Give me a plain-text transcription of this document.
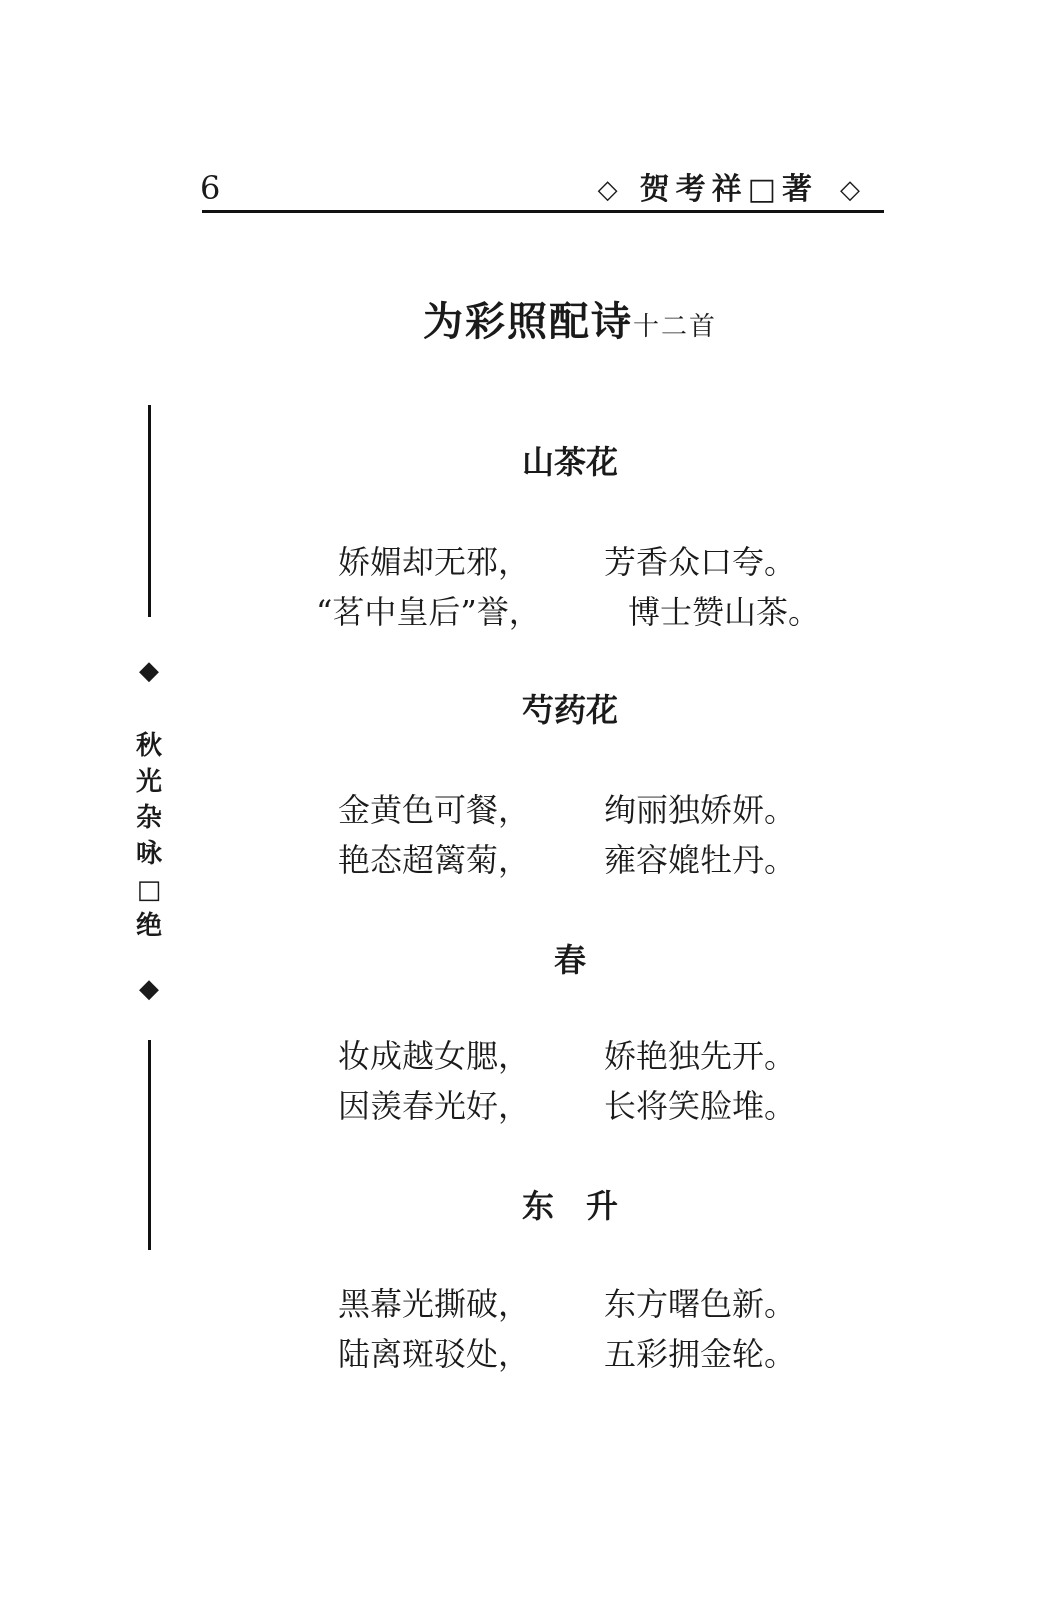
6	◇ 贺考祥□著 ◇
◆
秋
光
杂
咏
□
绝
◆
为彩照配诗十二首
山茶花
娇媚却无邪， 芳香众口夸。
“茗中皇后”誉，	博士赞山茶。
芍药花
金黄色可餐， 绚丽独娇妍。
艳态超篱菊， 雍容媲牡丹。
春
妆成越女腮， 娇艳独先开。
因羡春光好， 长将笑脸堆。
东　升
黑幕光撕破， 东方曙色新。
陆离斑驳处， 五彩拥金轮。
